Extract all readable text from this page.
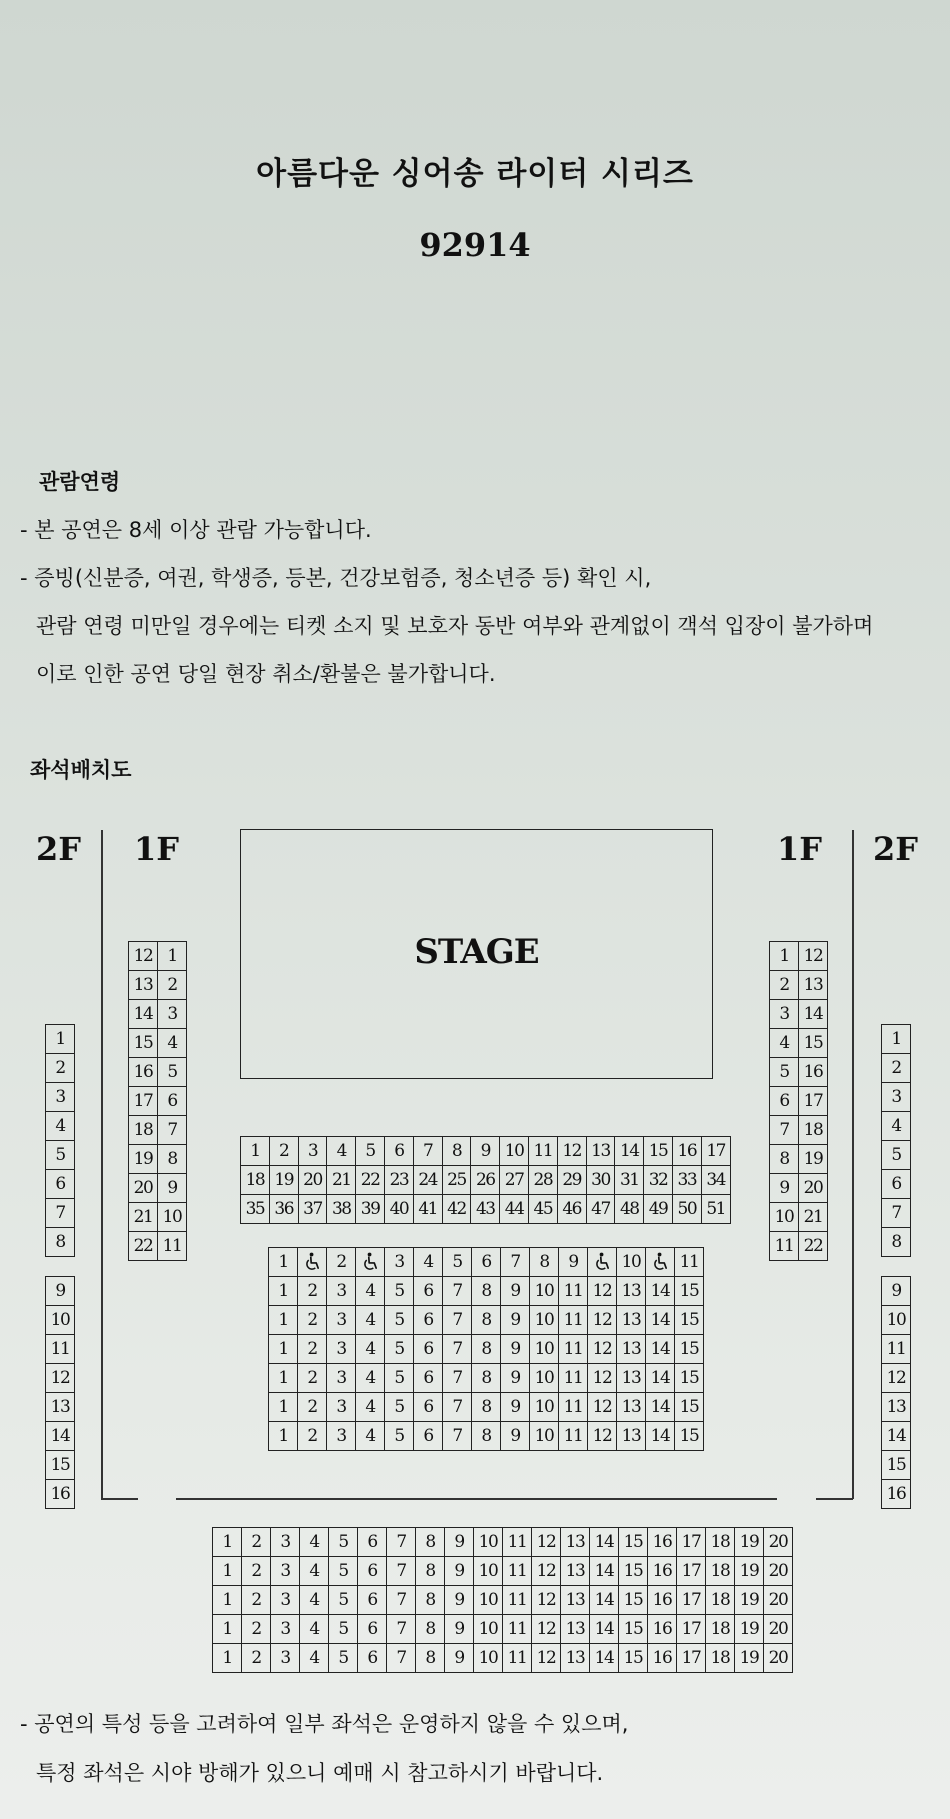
아름다운 싱어송 라이터 시리즈
92914
관람연령
- 본 공연은 8세 이상 관람 가능합니다.
- 증빙(신분증, 여권, 학생증, 등본, 건강보험증, 청소년증 등) 확인 시,
관람 연령 미만일 경우에는 티켓 소지 및 보호자 동반 여부와 관계없이 객석 입장이 불가하며
이로 인한 공연 당일 현장 취소/환불은 불가합니다.
좌석배치도
2F 1F	1F 2F
STAGE
1
2
3
4
5
6
7
8
9
10
11
12
13
14
15
16
12	1
13	2
14	3
15	4
16	5
17	6
18	7
19	8
20	9
21	10
22	11
1	12
2	13
3	14
4	15
5	16
6	17
7	18
8	19
9	20
10	21
11	22
1
2
3
4
5
6
7
8
9
10
11
12
13
14
15
16
1	2	3	4	5	6	7	8	9	10	11	12	13	14	15	16	17
18	19	20	21	22	23	24	25	26	27	28	29	30	31	32	33	34
35	36	37	38	39	40	41	42	43	44	45	46	47	48	49	50	51
1		2		3	4	5	6	7	8	9		10		11
1	2	3	4	5	6	7	8	9	10	11	12	13	14	15
1	2	3	4	5	6	7	8	9	10	11	12	13	14	15
1	2	3	4	5	6	7	8	9	10	11	12	13	14	15
1	2	3	4	5	6	7	8	9	10	11	12	13	14	15
1	2	3	4	5	6	7	8	9	10	11	12	13	14	15
1	2	3	4	5	6	7	8	9	10	11	12	13	14	15
1	2	3	4	5	6	7	8	9	10	11	12	13	14	15	16	17	18	19	20
1	2	3	4	5	6	7	8	9	10	11	12	13	14	15	16	17	18	19	20
1	2	3	4	5	6	7	8	9	10	11	12	13	14	15	16	17	18	19	20
1	2	3	4	5	6	7	8	9	10	11	12	13	14	15	16	17	18	19	20
1	2	3	4	5	6	7	8	9	10	11	12	13	14	15	16	17	18	19	20
- 공연의 특성 등을 고려하여 일부 좌석은 운영하지 않을 수 있으며,
특정 좌석은 시야 방해가 있으니 예매 시 참고하시기 바랍니다.
